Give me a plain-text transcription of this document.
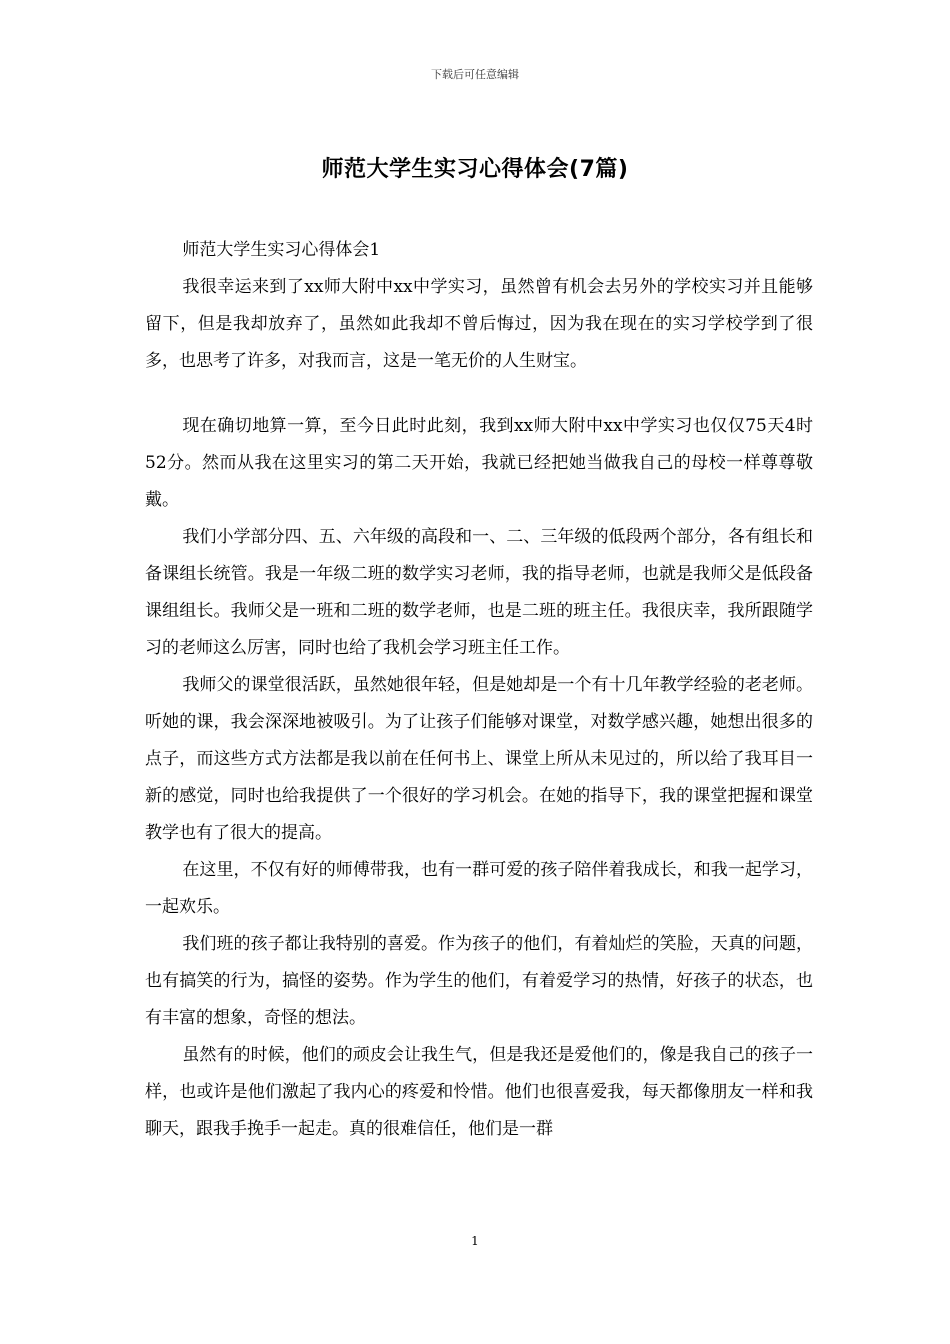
下载后可任意编辑
师范大学生实习心得体会(7篇)

师范大学生实习心得体会1

我很幸运来到了xx师大附中xx中学实习，虽然曾有机会去另外的学校实习并且能够留下，但是我却放弃了，虽然如此我却不曾后悔过，因为我在现在的实习学校学到了很多，也思考了许多，对我而言，这是一笔无价的人生财宝。

现在确切地算一算，至今日此时此刻，我到xx师大附中xx中学实习也仅仅75天4时52分。然而从我在这里实习的第二天开始，我就已经把她当做我自己的母校一样尊尊敬戴。

我们小学部分四、五、六年级的高段和一、二、三年级的低段两个部分，各有组长和备课组长统管。我是一年级二班的数学实习老师，我的指导老师，也就是我师父是低段备课组组长。我师父是一班和二班的数学老师，也是二班的班主任。我很庆幸，我所跟随学习的老师这么厉害，同时也给了我机会学习班主任工作。

我师父的课堂很活跃，虽然她很年轻，但是她却是一个有十几年教学经验的老老师。听她的课，我会深深地被吸引。为了让孩子们能够对课堂，对数学感兴趣，她想出很多的点子，而这些方式方法都是我以前在任何书上、课堂上所从未见过的，所以给了我耳目一新的感觉，同时也给我提供了一个很好的学习机会。在她的指导下，我的课堂把握和课堂教学也有了很大的提高。

在这里，不仅有好的师傅带我，也有一群可爱的孩子陪伴着我成长，和我一起学习，一起欢乐。

我们班的孩子都让我特别的喜爱。作为孩子的他们，有着灿烂的笑脸，天真的问题，也有搞笑的行为，搞怪的姿势。作为学生的他们，有着爱学习的热情，好孩子的状态，也有丰富的想象，奇怪的想法。

虽然有的时候，他们的顽皮会让我生气，但是我还是爱他们的，像是我自己的孩子一样，也或许是他们激起了我内心的疼爱和怜惜。他们也很喜爱我，每天都像朋友一样和我聊天，跟我手挽手一起走。真的很难信任，他们是一群

1
